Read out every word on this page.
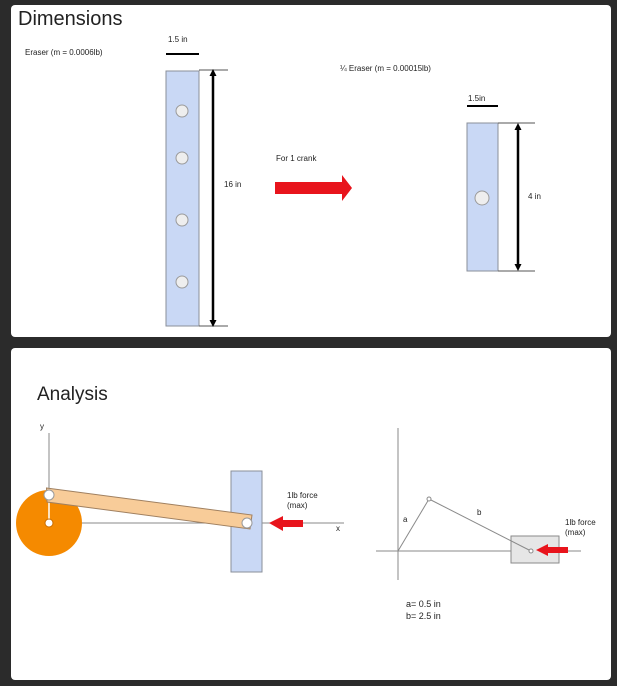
Dimensions
Eraser (m = 0.0006lb)
1.5 in
16 in
For 1 crank
¼ Eraser (m = 0.00015lb)
1.5in
4 in
Analysis
y
x
1lb force
(max)
a
b
1lb force
(max)
a= 0.5 in
b= 2.5 in
